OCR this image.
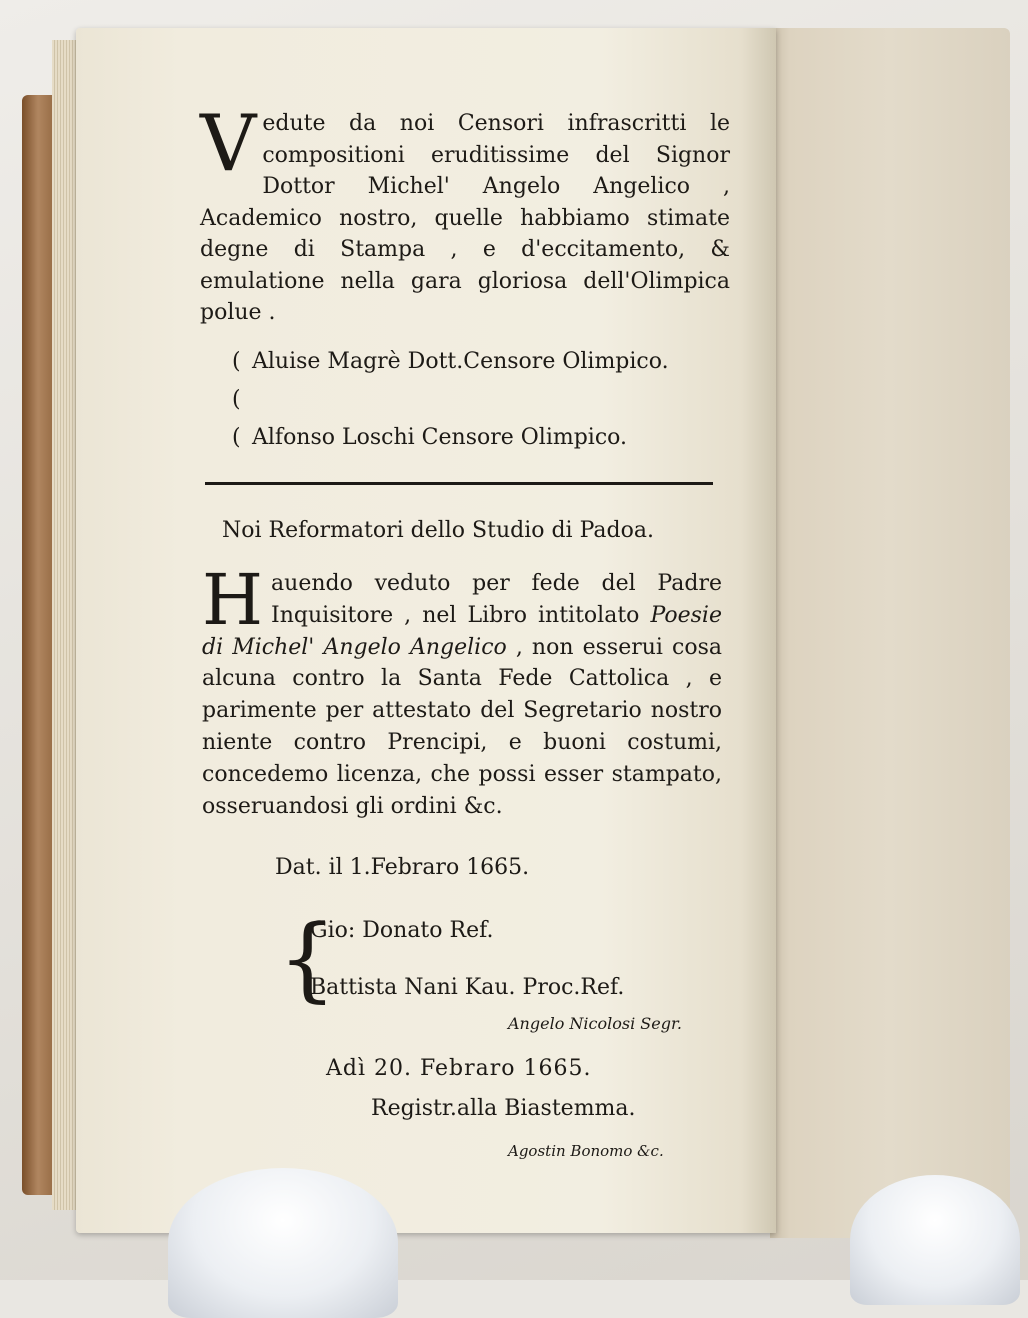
Vedute da noi Censori infrascritti le compositioni eruditissime del Signor Dottor Michel' Angelo Angelico , Academico nostro, quelle habbiamo stimate degne di Stampa , e d'eccitamento, & emulatione nella gara gloriosa dell'Olimpica polue .

( Aluise Magrè Dott.Censore Olimpico.
(
( Alfonso Loschi Censore Olimpico.
Noi Reformatori dello Studio di Padoa.

Hauendo veduto per fede del Padre Inquisitore , nel Libro intitolato Poesie di Michel' Angelo Angelico , non esserui cosa alcuna contro la Santa Fede Cattolica , e parimente per attestato del Segretario nostro niente contro Prencipi, e buoni costumi, concedemo licenza, che possi esser stampato, osseruandosi gli ordini &c.

Dat. il 1.Febraro 1665.
{
Gio: Donato Ref.
Battista Nani Kau. Proc.Ref.
Angelo Nicolosi Segr.
Adì 20. Febraro 1665.
Registr.alla Biastemma.
Agostin Bonomo &c.
